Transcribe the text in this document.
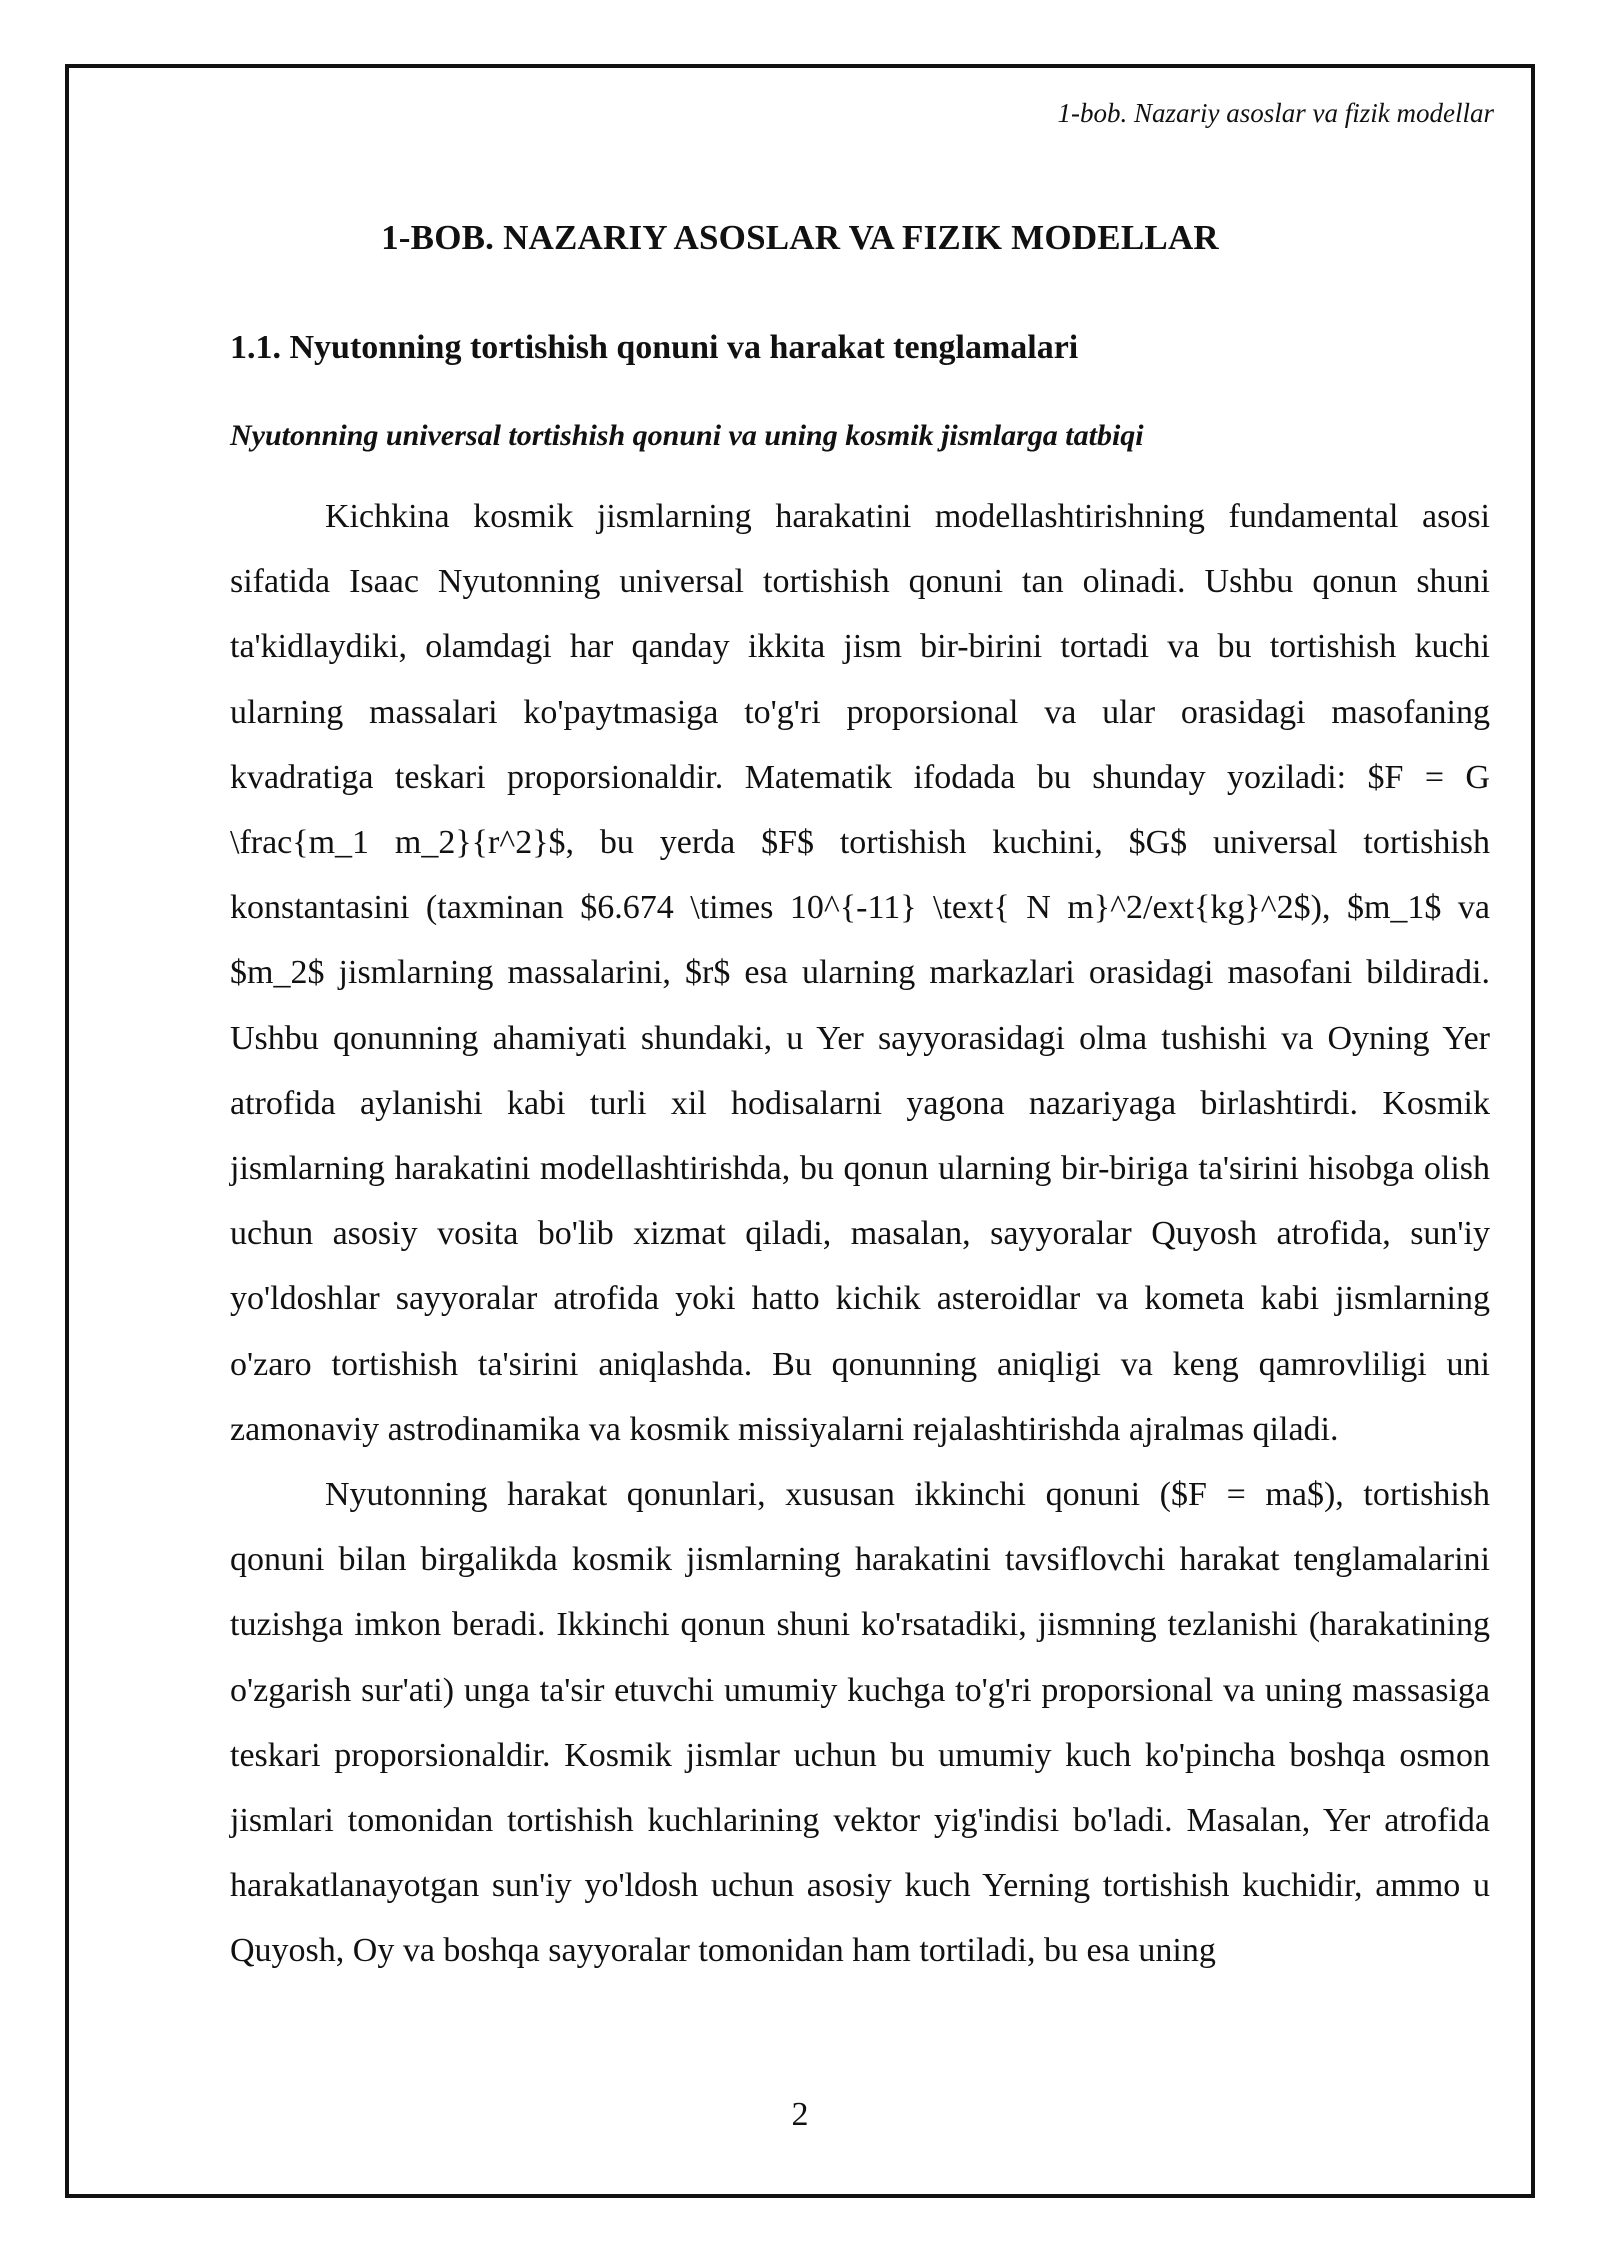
1-bob. Nazariy asoslar va fizik modellar
1-BOB. NAZARIY ASOSLAR VA FIZIK MODELLAR
1.1. Nyutonning tortishish qonuni va harakat tenglamalari
Nyutonning universal tortishish qonuni va uning kosmik jismlarga tatbiqi

Kichkina kosmik jismlarning harakatini modellashtirishning fundamental asosi sifatida Isaac Nyutonning universal tortishish qonuni tan olinadi. Ushbu qonun shuni ta'kidlaydiki, olamdagi har qanday ikkita jism bir-birini tortadi va bu tortishish kuchi ularning massalari ko'paytmasiga to'g'ri proporsional va ular orasidagi masofaning kvadratiga teskari proporsionaldir. Matematik ifodada bu shunday yoziladi: $F = G \frac{m_1 m_2}{r^2}$, bu yerda $F$ tortishish kuchini, $G$ universal tortishish konstantasini (taxminan $6.674 \times 10^{-11} \text{ N m}^2/ext{kg}^2$), $m_1$ va $m_2$ jismlarning massalarini, $r$ esa ularning markazlari orasidagi masofani bildiradi. Ushbu qonunning ahamiyati shundaki, u Yer sayyorasidagi olma tushishi va Oyning Yer atrofida aylanishi kabi turli xil hodisalarni yagona nazariyaga birlashtirdi. Kosmik jismlarning harakatini modellashtirishda, bu qonun ularning bir-biriga ta'sirini hisobga olish uchun asosiy vosita bo'lib xizmat qiladi, masalan, sayyoralar Quyosh atrofida, sun'iy yo'ldoshlar sayyoralar atrofida yoki hatto kichik asteroidlar va kometa kabi jismlarning o'zaro tortishish ta'sirini aniqlashda. Bu qonunning aniqligi va keng qamrovliligi uni zamonaviy astrodinamika va kosmik missiyalarni rejalashtirishda ajralmas qiladi.

Nyutonning harakat qonunlari, xususan ikkinchi qonuni ($F = ma$), tortishish qonuni bilan birgalikda kosmik jismlarning harakatini tavsiflovchi harakat tenglamalarini tuzishga imkon beradi. Ikkinchi qonun shuni ko'rsatadiki, jismning tezlanishi (harakatining o'zgarish sur'ati) unga ta'sir etuvchi umumiy kuchga to'g'ri proporsional va uning massasiga teskari proporsionaldir. Kosmik jismlar uchun bu umumiy kuch ko'pincha boshqa osmon jismlari tomonidan tortishish kuchlarining vektor yig'indisi bo'ladi. Masalan, Yer atrofida harakatlanayotgan sun'iy yo'ldosh uchun asosiy kuch Yerning tortishish kuchidir, ammo u Quyosh, Oy va boshqa sayyoralar tomonidan ham tortiladi, bu esa uning

2
